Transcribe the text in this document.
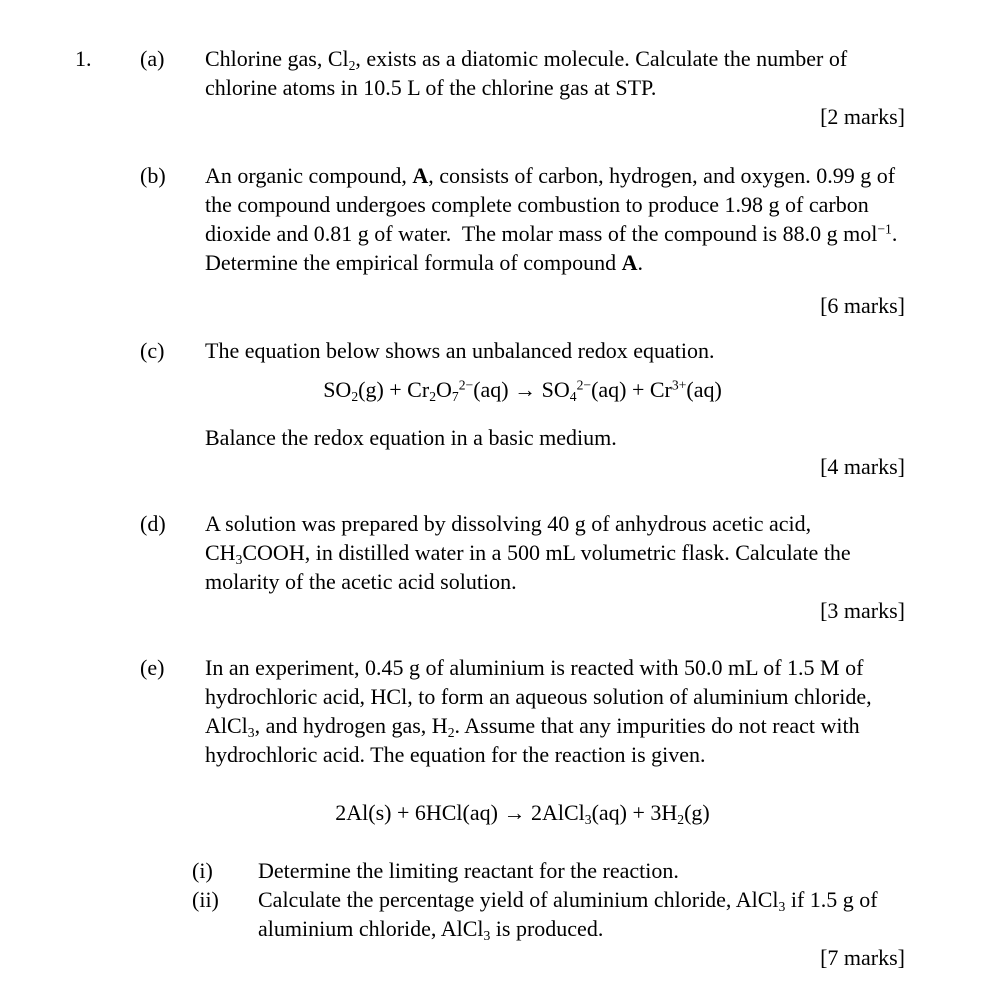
1.	(a)	Chlorine gas, $Cl_2$, exists as a diatomic molecule. Calculate the number of
chlorine atoms in 10.5 L of the chlorine gas at STP.
[2 marks]
(b)	An organic compound, A, consists of carbon, hydrogen, and oxygen. 0.99 g of
the compound undergoes complete combustion to produce 1.98 g of carbon
dioxide and 0.81 g of water.  The molar mass of the compound is 88.0 g mol$^{-1}$.
Determine the empirical formula of compound A.
[6 marks]
(c)	The equation below shows an unbalanced redox equation.
$SO_2(g) + Cr_2O_7^{2-}(aq) \to SO_4^{2-}(aq) + Cr^{3+}(aq)$
Balance the redox equation in a basic medium.
[4 marks]
(d)	A solution was prepared by dissolving 40 g of anhydrous acetic acid,
$CH_3COOH$, in distilled water in a 500 mL volumetric flask. Calculate the
molarity of the acetic acid solution.
[3 marks]
(e)	In an experiment, 0.45 g of aluminium is reacted with 50.0 mL of 1.5 M of
hydrochloric acid, HCl, to form an aqueous solution of aluminium chloride,
AlCl$_3$, and hydrogen gas, $H_2$. Assume that any impurities do not react with
hydrochloric acid. The equation for the reaction is given.
2Al(s) + 6HCl(aq) → 2AlCl$_3$(aq) + $3H_2(g)$
(i)	Determine the limiting reactant for the reaction.
(ii)	Calculate the percentage yield of aluminium chloride, AlCl$_3$ if 1.5 g of
aluminium chloride, AlCl$_3$ is produced.
[7 marks]
